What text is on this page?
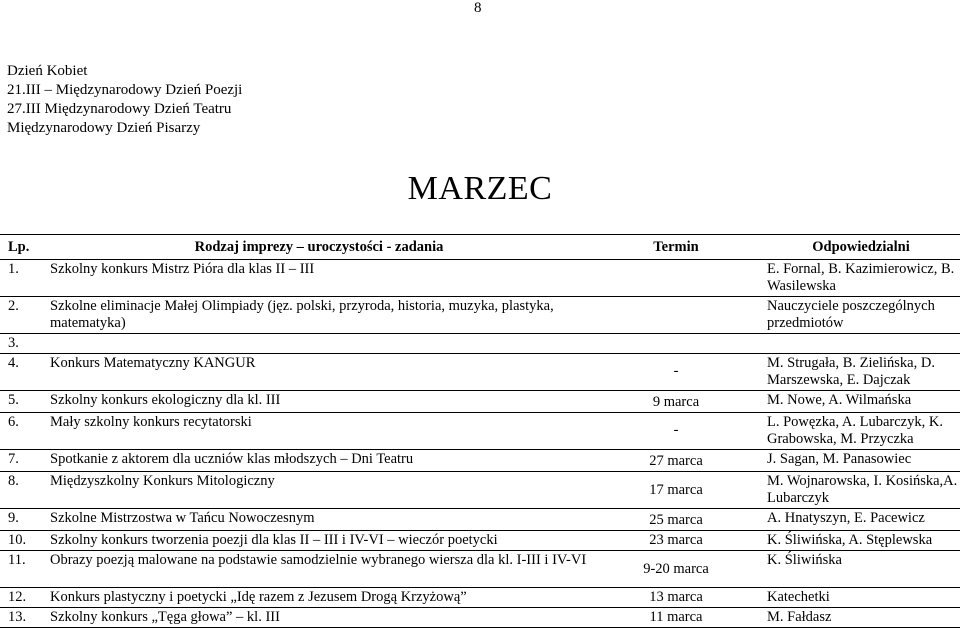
8
Dzień Kobiet
21.III – Międzynarodowy Dzień Poezji
27.III Międzynarodowy Dzień Teatru
Międzynarodowy Dzień Pisarzy
MARZEC
Lp.	Rodzaj imprezy – uroczystości - zadania	Termin	Odpowiedzialni
1.	Szkolny konkurs Mistrz Pióra dla klas II – III		E. Fornal, B. Kazimierowicz, B. Wasilewska
2.	Szkolne eliminacje Małej Olimpiady (jęz. polski, przyroda, historia, muzyka, plastyka, matematyka)		Nauczyciele poszczególnych przedmiotów
3.			
4.	Konkurs Matematyczny KANGUR	-	M. Strugała, B. Zielińska, D. Marszewska, E. Dajczak
5.	Szkolny konkurs ekologiczny dla kl. III	9 marca	M. Nowe, A. Wilmańska
6.	Mały szkolny konkurs recytatorski	-	L. Powęzka, A. Lubarczyk, K. Grabowska, M. Przyczka
7.	Spotkanie z aktorem dla uczniów klas młodszych – Dni Teatru	27 marca	J. Sagan, M. Panasowiec
8.	Międzyszkolny Konkurs Mitologiczny	17 marca	M. Wojnarowska, I. Kosińska,A. Lubarczyk
9.	Szkolne Mistrzostwa w Tańcu Nowoczesnym	25 marca	A. Hnatyszyn, E. Pacewicz
10.	Szkolny konkurs tworzenia poezji dla klas II – III i IV-VI – wieczór poetycki	23 marca	K. Śliwińska, A. Stęplewska
11.	Obrazy poezją malowane na podstawie samodzielnie wybranego wiersza dla kl. I-III i IV-VI	9-20 marca	K. Śliwińska
12.	Konkurs plastyczny i poetycki „Idę razem z Jezusem Drogą Krzyżową”	13 marca	Katechetki
13.	Szkolny konkurs „Tęga głowa” – kl. III	11 marca	M. Fałdasz
